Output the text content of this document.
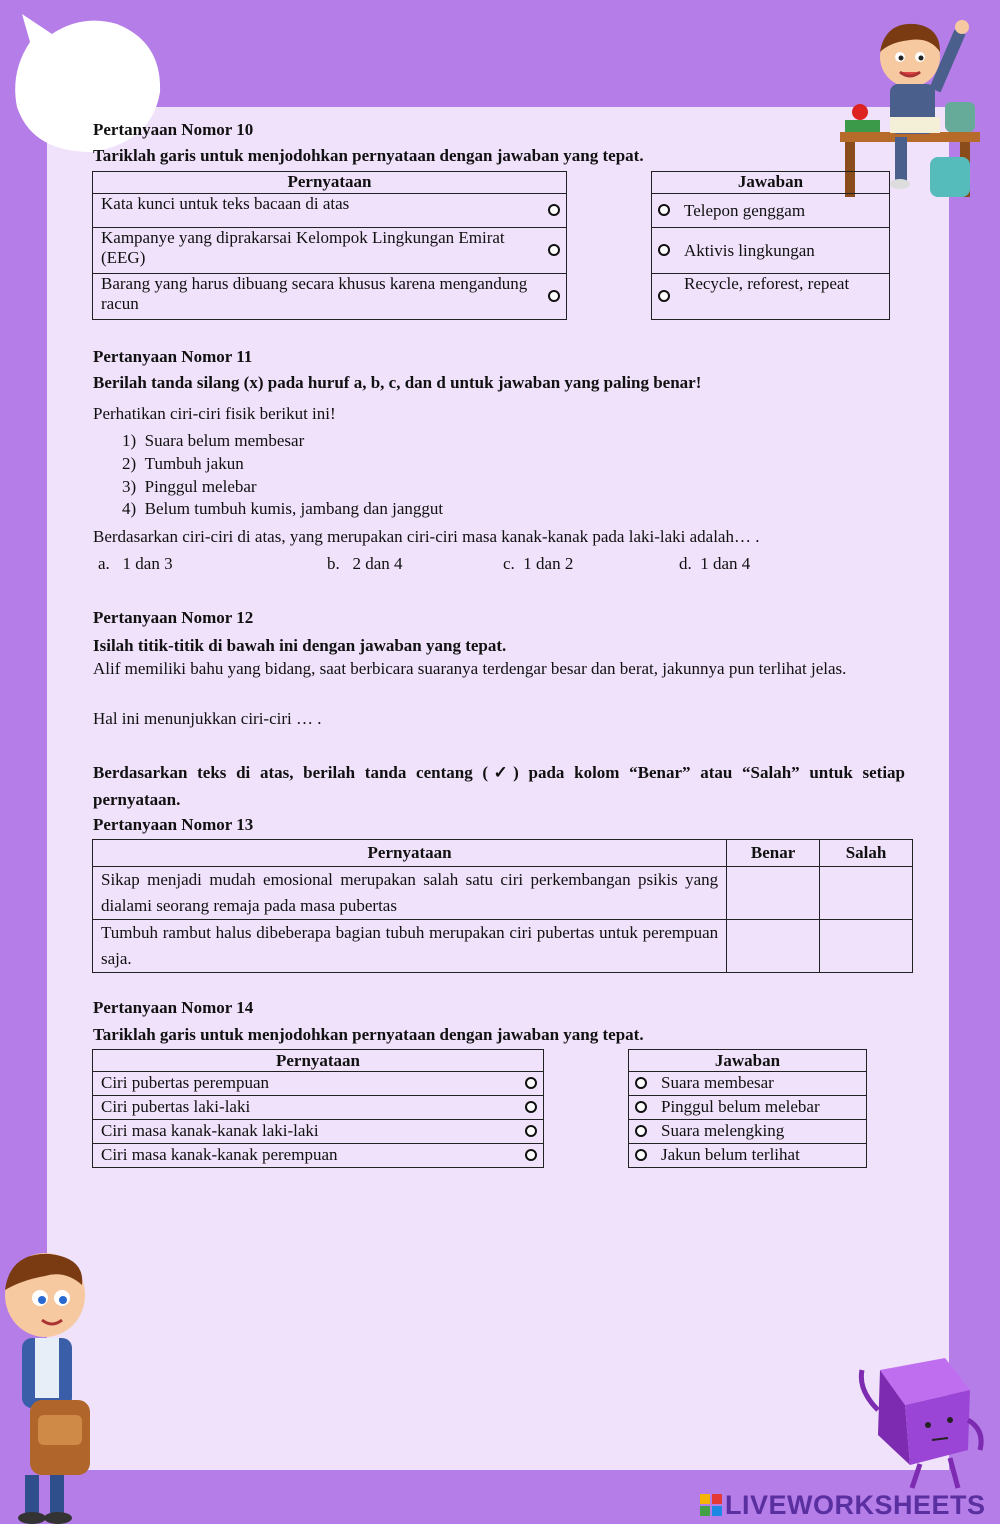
Pertanyaan Nomor 10
Tariklah garis untuk menjodohkan pernyataan dengan jawaban yang tepat.
Pernyataan	
Kata kunci untuk teks bacaan di atas	
Kampanye yang diprakarsai Kelompok Lingkungan Emirat (EEG)	
Barang yang harus dibuang secara khusus karena mengandung racun	
Jawaban	
	Telepon genggam
	Aktivis lingkungan
	Recycle, reforest, repeat
Pertanyaan Nomor 11
Berilah tanda silang (x) pada huruf a, b, c, dan d untuk jawaban yang paling benar!
Perhatikan ciri-ciri fisik berikut ini!
1) Suara belum membesar
2) Tumbuh jakun
3) Pinggul melebar
4) Belum tumbuh kumis, jambang dan janggut
Berdasarkan ciri-ciri di atas, yang merupakan ciri-ciri masa kanak-kanak pada laki-laki adalah… .
a. 1 dan 3	b. 2 dan 4	c. 1 dan 2	d. 1 dan 4
Pertanyaan Nomor 12
Isilah titik-titik di bawah ini dengan jawaban yang tepat.
Alif memiliki bahu yang bidang, saat berbicara suaranya terdengar besar dan berat, jakunnya pun terlihat jelas.
Hal ini menunjukkan ciri-ciri … .
Berdasarkan teks di atas, berilah tanda centang (✓) pada kolom “Benar” atau “Salah” untuk setiap pernyataan.
Pertanyaan Nomor 13
Pernyataan	Benar	Salah
Sikap menjadi mudah emosional merupakan salah satu ciri perkembangan psikis yang dialami seorang remaja pada masa pubertas		
Tumbuh rambut halus dibeberapa bagian tubuh merupakan ciri pubertas untuk perempuan saja.		
Pertanyaan Nomor 14
Tariklah garis untuk menjodohkan pernyataan dengan jawaban yang tepat.
Pernyataan	
Ciri pubertas perempuan	
Ciri pubertas laki-laki	
Ciri masa kanak-kanak laki-laki	
Ciri masa kanak-kanak perempuan	
Jawaban	
	Suara membesar
	Pinggul belum melebar
	Suara melengking
	Jakun belum terlihat
LIVEWORKSHEETS
